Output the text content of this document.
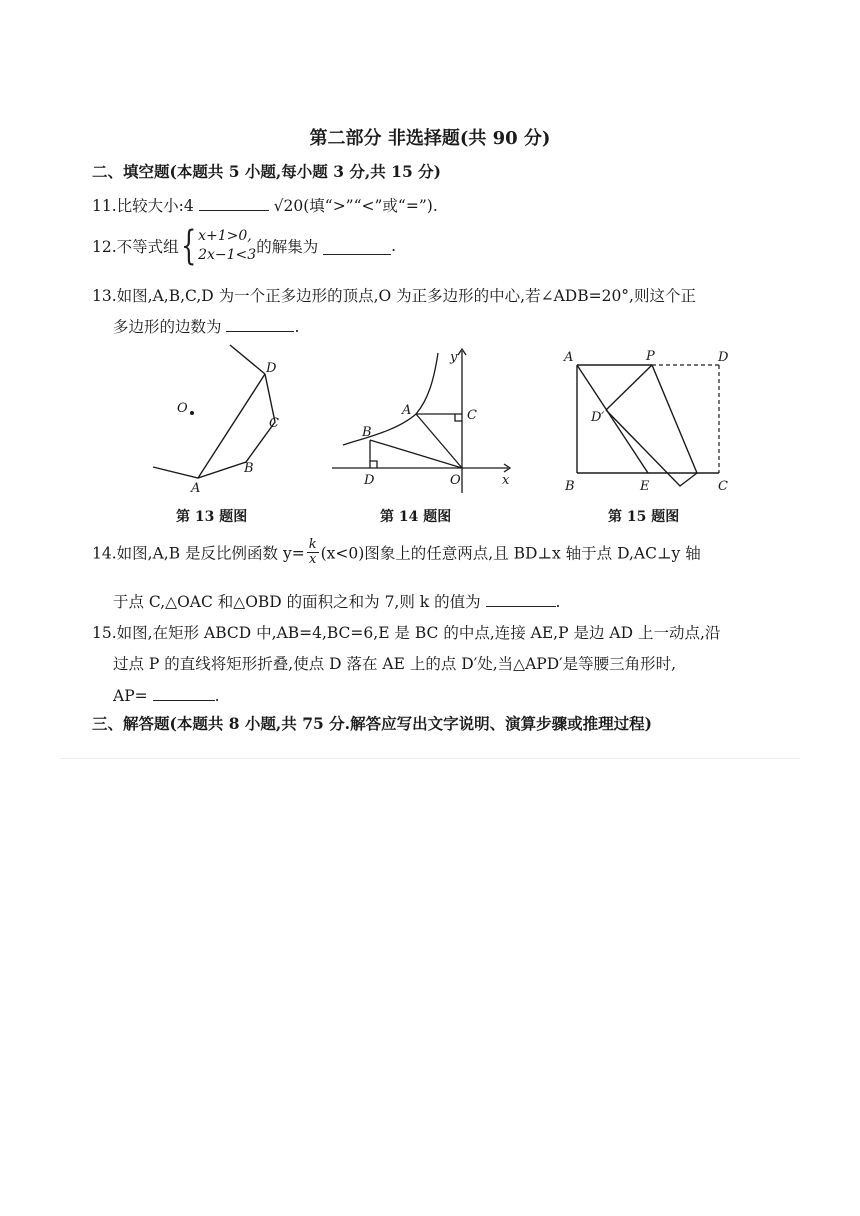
第二部分 非选择题(共 90 分)
二、填空题(本题共 5 小题,每小题 3 分,共 15 分)
11.比较大小:4	√20(填“>”“<”或“=”).
12.不等式组{ x+1>0,
2x−1<3 的解集为	.
13.如图,A,B,C,D 为一个正多边形的顶点,O 为正多边形的中心,若∠ADB=20°,则这个正
多边形的边数为	.
D
C
B
A
O
第 13 题图
y
A	C
B
D	O	x
第 14 题图
A	P	D
D′
B	E	C
第 15 题图
14.如图,A,B 是反比例函数 $y= \frac{k}{x} (x<0)$图象上的任意两点,且 BD⊥x 轴于点 D,AC⊥y 轴
于点 C,△OAC 和△OBD 的面积之和为 7,则 k 的值为	.
15.如图,在矩形 ABCD 中,AB=4,BC=6,E 是 BC 的中点,连接 AE,P 是边 AD 上一动点,沿
过点 P 的直线将矩形折叠,使点 D 落在 AE 上的点 D′处,当△APD′是等腰三角形时,
AP=	.
三、解答题(本题共 8 小题,共 75 分.解答应写出文字说明、演算步骤或推理过程)
